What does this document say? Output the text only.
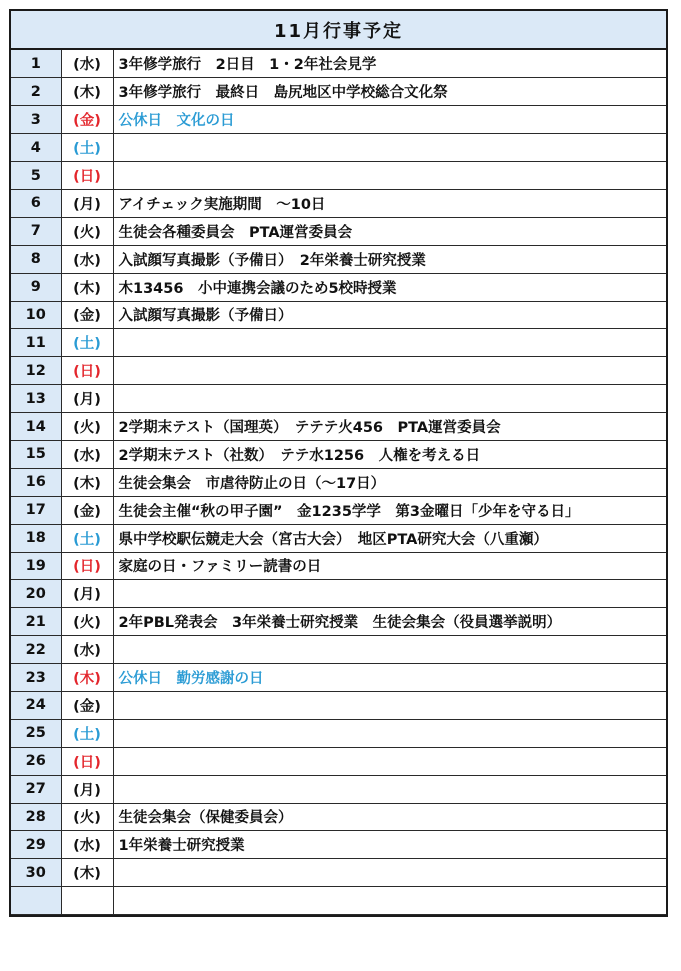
11月行事予定
1	(水)	3年修学旅行　2日目　1・2年社会見学
2	(木)	3年修学旅行　最終日　島尻地区中学校総合文化祭
3	(金)	公休日　文化の日
4	(土)	
5	(日)	
6	(月)	アイチェック実施期間　～10日
7	(火)	生徒会各種委員会　PTA運営委員会
8	(水)	入試顔写真撮影（予備日）　2年栄養士研究授業
9	(木)	木13456　小中連携会議のため5校時授業
10	(金)	入試顔写真撮影（予備日）
11	(土)	
12	(日)	
13	(月)	
14	(火)	2学期末テスト（国理英）　テテテ火456　PTA運営委員会
15	(水)	2学期末テスト（社数）　テテ水1256　人権を考える日
16	(木)	生徒会集会　市虐待防止の日（～17日）
17	(金)	生徒会主催“秋の甲子園”　金1235学学　第3金曜日「少年を守る日」
18	(土)	県中学校駅伝競走大会（宮古大会）　地区PTA研究大会（八重瀬）
19	(日)	家庭の日・ファミリー読書の日
20	(月)	
21	(火)	2年PBL発表会　3年栄養士研究授業　生徒会集会（役員選挙説明）
22	(水)	
23	(木)	公休日　勤労感謝の日
24	(金)	
25	(土)	
26	(日)	
27	(月)	
28	(火)	生徒会集会（保健委員会）
29	(水)	1年栄養士研究授業
30	(木)	
